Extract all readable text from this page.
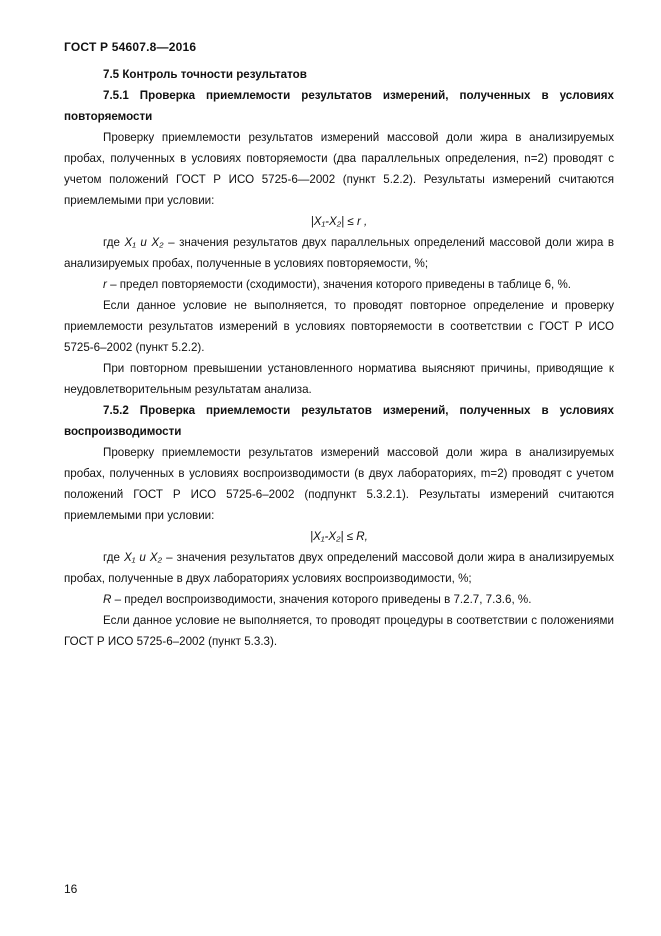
ГОСТ Р 54607.8—2016

7.5 Контроль точности результатов

7.5.1 Проверка приемлемости результатов измерений, полученных в условиях повторяемости

Проверку приемлемости результатов измерений массовой доли жира в анализируемых пробах, полученных в условиях повторяемости (два параллельных определения, n=2) проводят с учетом положений ГОСТ Р ИСО 5725-6—2002 (пункт 5.2.2). Результаты измерений считаются приемлемыми при условии:

|X₁-X₂| ≤ r ,

где X₁ и X₂ – значения результатов двух параллельных определений массовой доли жира в анализируемых пробах, полученные в условиях повторяемости, %;

r – предел повторяемости (сходимости), значения которого приведены в таблице 6, %.

Если данное условие не выполняется, то проводят повторное определение и проверку приемлемости результатов измерений в условиях повторяемости в соответствии с ГОСТ Р ИСО 5725-6–2002 (пункт 5.2.2).

При повторном превышении установленного норматива выясняют причины, приводящие к неудовлетворительным результатам анализа.

7.5.2 Проверка приемлемости результатов измерений, полученных в условиях воспроизводимости

Проверку приемлемости результатов измерений массовой доли жира в анализируемых пробах, полученных в условиях воспроизводимости (в двух лабораториях, m=2) проводят с учетом положений ГОСТ Р ИСО 5725-6–2002 (подпункт 5.3.2.1). Результаты измерений считаются приемлемыми при условии:

|X₁-X₂| ≤ R,

где X₁ и X₂ – значения результатов двух определений массовой доли жира в анализируемых пробах, полученные в двух лабораториях условиях воспроизводимости, %;

R – предел воспроизводимости, значения которого приведены в 7.2.7, 7.3.6, %.

Если данное условие не выполняется, то проводят процедуры в соответствии с положениями ГОСТ Р ИСО 5725-6–2002 (пункт 5.3.3).

16
